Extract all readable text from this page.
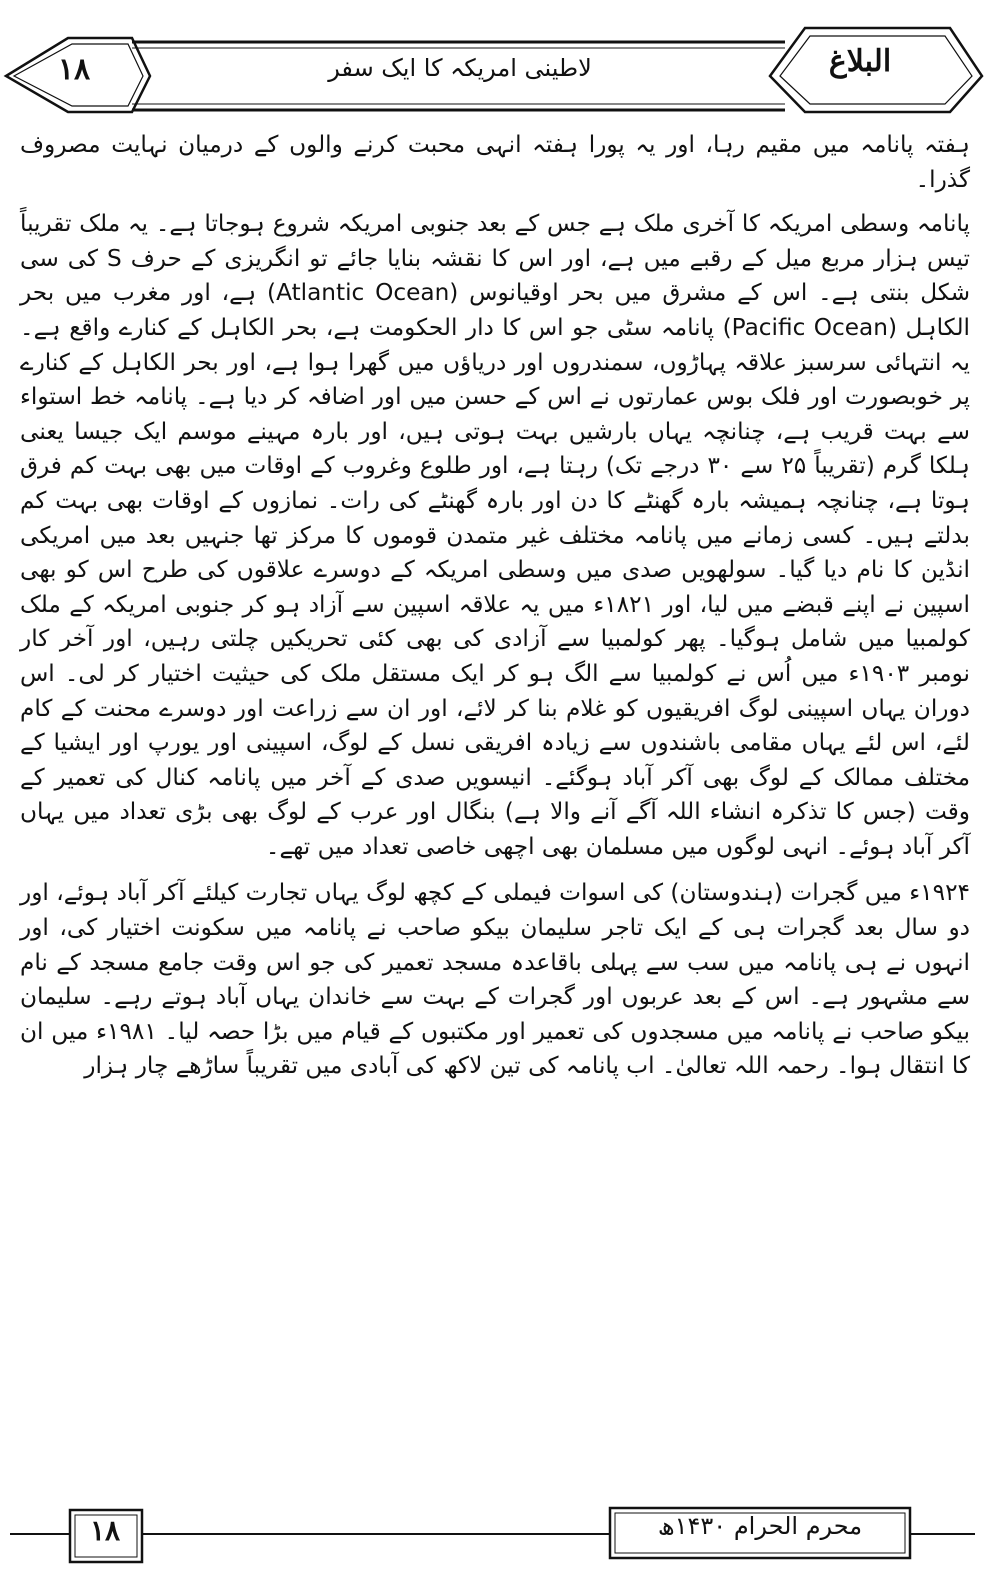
۱۸	لاطینی امریکہ کا ایک سفر	البلاغ

ہفتہ پانامہ میں مقیم رہا، اور یہ پورا ہفتہ انہی محبت کرنے والوں کے درمیان نہایت مصروف گذرا۔

پانامہ وسطی امریکہ کا آخری ملک ہے جس کے بعد جنوبی امریکہ شروع ہوجاتا ہے۔ یہ ملک تقریباً تیس ہزار مربع میل کے رقبے میں ہے، اور اس کا نقشہ بنایا جائے تو انگریزی کے حرف S کی سی شکل بنتی ہے۔ اس کے مشرق میں بحر اوقیانوس (Atlantic Ocean) ہے، اور مغرب میں بحر الکاہل (Pacific Ocean) پانامہ سٹی جو اس کا دار الحکومت ہے، بحر الکاہل کے کنارے واقع ہے۔ یہ انتہائی سرسبز علاقہ پہاڑوں، سمندروں اور دریاؤں میں گھرا ہوا ہے، اور بحر الکاہل کے کنارے پر خوبصورت اور فلک بوس عمارتوں نے اس کے حسن میں اور اضافہ کر دیا ہے۔ پانامہ خط استواء سے بہت قریب ہے، چنانچہ یہاں بارشیں بہت ہوتی ہیں، اور بارہ مہینے موسم ایک جیسا یعنی ہلکا گرم (تقریباً ۲۵ سے ۳۰ درجے تک) رہتا ہے، اور طلوع وغروب کے اوقات میں بھی بہت کم فرق ہوتا ہے، چنانچہ ہمیشہ بارہ گھنٹے کا دن اور بارہ گھنٹے کی رات۔ نمازوں کے اوقات بھی بہت کم بدلتے ہیں۔ کسی زمانے میں پانامہ مختلف غیر متمدن قوموں کا مرکز تھا جنہیں بعد میں امریکی انڈین کا نام دیا گیا۔ سولھویں صدی میں وسطی امریکہ کے دوسرے علاقوں کی طرح اس کو بھی اسپین نے اپنے قبضے میں لیا، اور ۱۸۲۱ء میں یہ علاقہ اسپین سے آزاد ہو کر جنوبی امریکہ کے ملک کولمبیا میں شامل ہوگیا۔ پھر کولمبیا سے آزادی کی بھی کئی تحریکیں چلتی رہیں، اور آخر کار نومبر ۱۹۰۳ء میں اُس نے کولمبیا سے الگ ہو کر ایک مستقل ملک کی حیثیت اختیار کر لی۔ اس دوران یہاں اسپینی لوگ افریقیوں کو غلام بنا کر لائے، اور ان سے زراعت اور دوسرے محنت کے کام لئے، اس لئے یہاں مقامی باشندوں سے زیادہ افریقی نسل کے لوگ، اسپینی اور یورپ اور ایشیا کے مختلف ممالک کے لوگ بھی آکر آباد ہوگئے۔ انیسویں صدی کے آخر میں پانامہ کنال کی تعمیر کے وقت (جس کا تذکرہ انشاء اللہ آگے آنے والا ہے) بنگال اور عرب کے لوگ بھی بڑی تعداد میں یہاں آکر آباد ہوئے۔ انہی لوگوں میں مسلمان بھی اچھی خاصی تعداد میں تھے۔

۱۹۲۴ء میں گجرات (ہندوستان) کی اسوات فیملی کے کچھ لوگ یہاں تجارت کیلئے آکر آباد ہوئے، اور دو سال بعد گجرات ہی کے ایک تاجر سلیمان بیکو صاحب نے پانامہ میں سکونت اختیار کی، اور انہوں نے ہی پانامہ میں سب سے پہلی باقاعدہ مسجد تعمیر کی جو اس وقت جامع مسجد کے نام سے مشہور ہے۔ اس کے بعد عربوں اور گجرات کے بہت سے خاندان یہاں آباد ہوتے رہے۔ سلیمان بیکو صاحب نے پانامہ میں مسجدوں کی تعمیر اور مکتبوں کے قیام میں بڑا حصہ لیا۔ ۱۹۸۱ء میں ان کا انتقال ہوا۔ رحمہ اللہ تعالیٰ۔ اب پانامہ کی تین لاکھ کی آبادی میں تقریباً ساڑھے چار ہزار

۱۸	محرم الحرام ۱۴۳۰ھ
